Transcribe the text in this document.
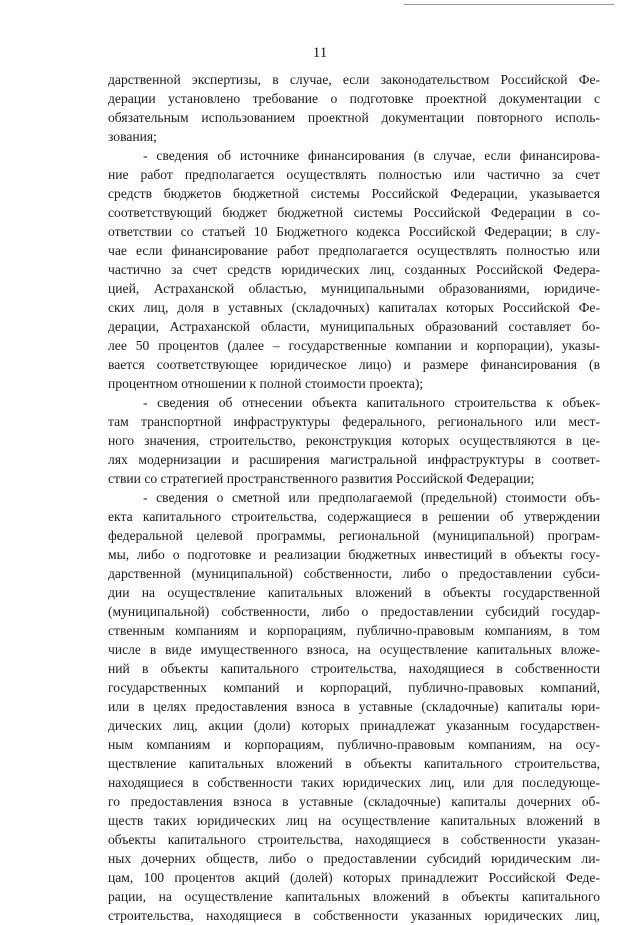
11
дарственной экспертизы, в случае, если законодательством Российской Фе-
дерации установлено требование о подготовке проектной документации с
обязательным использованием проектной документации повторного исполь-
зования;
- сведения об источнике финансирования (в случае, если финансирова-
ние работ предполагается осуществлять полностью или частично за счет
средств бюджетов бюджетной системы Российской Федерации, указывается
соответствующий бюджет бюджетной системы Российской Федерации в со-
ответствии со статьей 10 Бюджетного кодекса Российской Федерации; в слу-
чае если финансирование работ предполагается осуществлять полностью или
частично за счет средств юридических лиц, созданных Российской Федера-
цией, Астраханской областью, муниципальными образованиями, юридиче-
ских лиц, доля в уставных (складочных) капиталах которых Российской Фе-
дерации, Астраханской области, муниципальных образований составляет бо-
лее 50 процентов (далее – государственные компании и корпорации), указы-
вается соответствующее юридическое лицо) и размере финансирования (в
процентном отношении к полной стоимости проекта);
- сведения об отнесении объекта капитального строительства к объек-
там транспортной инфраструктуры федерального, регионального или мест-
ного значения, строительство, реконструкция которых осуществляются в це-
лях модернизации и расширения магистральной инфраструктуры в соответ-
ствии со стратегией пространственного развития Российской Федерации;
- сведения о сметной или предполагаемой (предельной) стоимости объ-
екта капитального строительства, содержащиеся в решении об утверждении
федеральной целевой программы, региональной (муниципальной) програм-
мы, либо о подготовке и реализации бюджетных инвестиций в объекты госу-
дарственной (муниципальной) собственности, либо о предоставлении субси-
дии на осуществление капитальных вложений в объекты государственной
(муниципальной) собственности, либо о предоставлении субсидий государ-
ственным компаниям и корпорациям, публично-правовым компаниям, в том
числе в виде имущественного взноса, на осуществление капитальных вложе-
ний в объекты капитального строительства, находящиеся в собственности
государственных компаний и корпораций, публично-правовых компаний,
или в целях предоставления взноса в уставные (складочные) капиталы юри-
дических лиц, акции (доли) которых принадлежат указанным государствен-
ным компаниям и корпорациям, публично-правовым компаниям, на осу-
ществление капитальных вложений в объекты капитального строительства,
находящиеся в собственности таких юридических лиц, или для последующе-
го предоставления взноса в уставные (складочные) капиталы дочерних об-
ществ таких юридических лиц на осуществление капитальных вложений в
объекты капитального строительства, находящиеся в собственности указан-
ных дочерних обществ, либо о предоставлении субсидий юридическим ли-
цам, 100 процентов акций (долей) которых принадлежит Российской Феде-
рации, на осуществление капитальных вложений в объекты капитального
строительства, находящиеся в собственности указанных юридических лиц,
